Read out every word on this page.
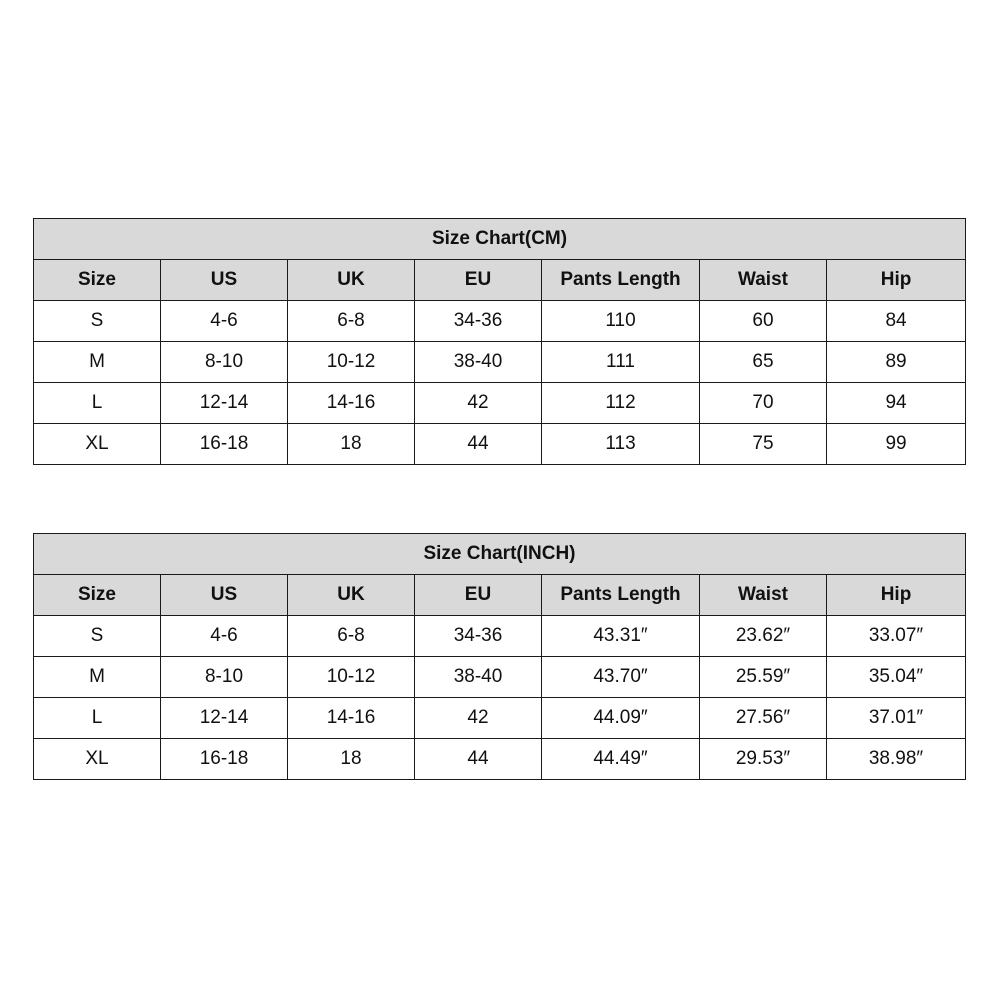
Size Chart(CM)						
Size	US	UK	EU	Pants Length	Waist	Hip
S	4-6	6-8	34-36	110	60	84
M	8-10	10-12	38-40	111	65	89
L	12-14	14-16	42	112	70	94
XL	16-18	18	44	113	75	99
Size Chart(INCH)						
Size	US	UK	EU	Pants Length	Waist	Hip
S	4-6	6-8	34-36	43.31″	23.62″	33.07″
M	8-10	10-12	38-40	43.70″	25.59″	35.04″
L	12-14	14-16	42	44.09″	27.56″	37.01″
XL	16-18	18	44	44.49″	29.53″	38.98″
